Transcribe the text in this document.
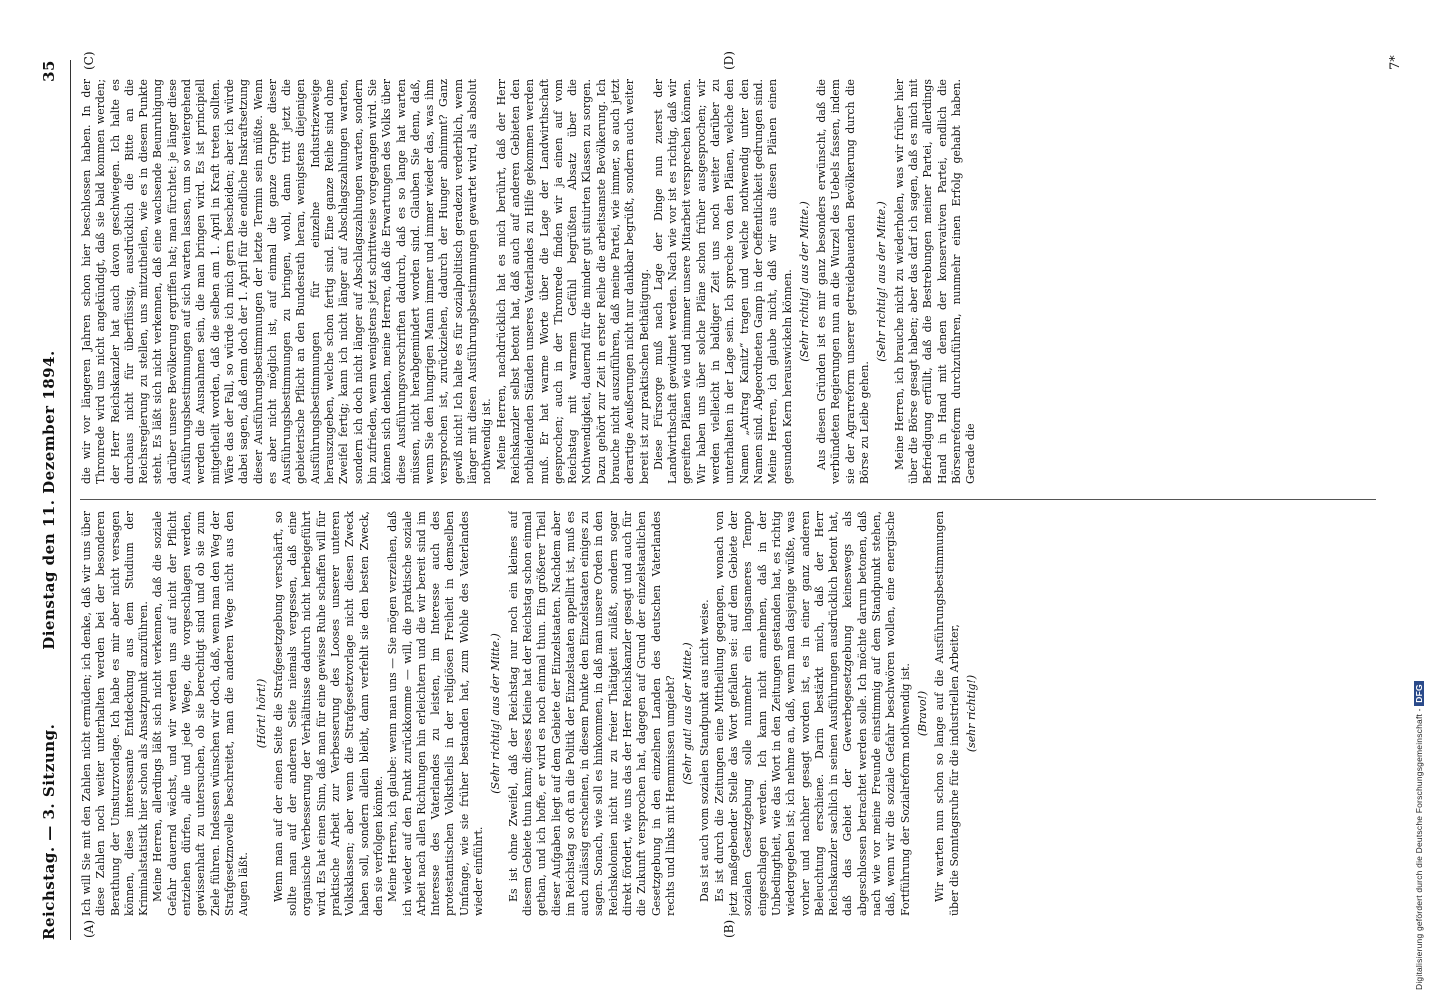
Reichstag. — 3. Sitzung.
Dienstag den 11. Dezember 1894.
35
(A)	(B)
(C)	(D)

Ich will Sie mit den Zahlen nicht ermüden; ich denke, daß wir uns über diese Zahlen noch weiter unterhalten werden bei der besonderen Berathung der Umsturzvorlage. Ich habe es mir aber nicht versagen können, diese interessante Entdeckung aus dem Studium der Kriminalstatistik hier schon als Ansatzpunkt anzuführen. Meine Herren, allerdings läßt sich nicht verkennen, daß die soziale Gefahr dauernd wächst, und wir werden uns auf nicht der Pflicht entziehen dürfen, alle und jede Wege, die vorgeschlagen werden, gewissenhaft zu untersuchen, ob sie berechtigt sind und ob sie zum Ziele führen. Indessen wünschen wir doch, daß, wenn man den Weg der Strafgesetznovelle beschreitet, man die anderen Wege nicht aus den Augen läßt.

(Hört! hört!) Wenn man auf der einen Seite die Strafgesetzgebung verschärft, so sollte man auf der anderen Seite niemals vergessen, daß eine organische Verbesserung der Verhältnisse dadurch nicht herbeigeführt wird. Es hat einen Sinn, daß man für eine gewisse Ruhe schaffen will für praktische Arbeit zur Verbesserung des Looses unserer unteren Volksklassen; aber wenn die Strafgesetzvorlage nicht diesen Zweck haben soll, sondern allein bleibt, dann verfehlt sie den besten Zweck, den sie verfolgen könnte. Meine Herren, ich glaube: wenn man uns — Sie mögen verzeihen, daß ich wieder auf den Punkt zurückkomme — will, die praktische soziale Arbeit nach allen Richtungen hin erleichtern und die wir bereit sind im Interesse des Vaterlandes zu leisten, im Interesse auch des protestantischen Volkstheils in der religiösen Freiheit in demselben Umfange, wie sie früher bestanden hat, zum Wohle des Vaterlandes wieder einführt.

(Sehr richtig! aus der Mitte.) Es ist ohne Zweifel, daß der Reichstag nur noch ein kleines auf diesem Gebiete thun kann; dieses Kleine hat der Reichstag schon einmal gethan, und ich hoffe, er wird es noch einmal thun. Ein größerer Theil dieser Aufgaben liegt auf dem Gebiete der Einzelstaaten. Nachdem aber im Reichstag so oft an die Politik der Einzelstaaten appellirt ist, muß es auch zulässig erscheinen, in diesem Punkte den Einzelstaaten einiges zu sagen. Sonach, wie soll es hinkommen, in daß man unsere Orden in den Reichskolonien nicht nur zu freier Thätigkeit zuläßt, sondern sogar direkt fördert, wie uns das der Herr Reichskanzler gesagt und auch für die Zukunft versprochen hat, dagegen auf Grund der einzelstaatlichen Gesetzgebung in den einzelnen Landen des deutschen Vaterlandes rechts und links mit Hemmnissen umgiebt? (Sehr gut! aus der Mitte.) Das ist auch vom sozialen Standpunkt aus nicht weise. Es ist durch die Zeitungen eine Mittheilung gegangen, wonach von jetzt maßgebender Stelle das Wort gefallen sei: auf dem Gebiete der sozialen Gesetzgebung solle nunmehr ein langsameres Tempo eingeschlagen werden. Ich kann nicht annehmen, daß in der Unbedingtheit, wie das Wort in den Zeitungen gestanden hat, es richtig wiedergegeben ist; ich nehme an, daß, wenn man dasjenige wüßte, was vorher und nachher gesagt worden ist, es in einer ganz anderen Beleuchtung erschiene. Darin bestärkt mich, daß der Herr Reichskanzler sachlich in seinen Ausführungen ausdrücklich betont hat, daß das Gebiet der Gewerbegesetzgebung keineswegs als abgeschlossen betrachtet werden solle. Ich möchte darum betonen, daß nach wie vor meine Freunde einstimmig auf dem Standpunkt stehen, daß, wenn wir die soziale Gefahr beschwören wollen, eine energische Fortführung der Sozialreform nothwendig ist. (Bravo!) Wir warten nun schon so lange auf die Ausführungsbestimmungen über die Sonntagsruhe für die industriellen Arbeiter, (sehr richtig!)

die wir vor längeren Jahren schon hier beschlossen haben. In der Thronrede wird uns nicht angekündigt, daß sie bald kommen werden; der Herr Reichskanzler hat auch davon geschwiegen. Ich halte es durchaus nicht für überflüssig, ausdrücklich die Bitte an die Reichsregierung zu stellen, uns mitzutheilen, wie es in diesem Punkte steht. Es läßt sich nicht verkennen, daß eine wachsende Beunruhigung darüber unsere Bevölkerung ergriffen hat; man fürchtet: je länger diese Ausführungsbestimmungen auf sich warten lassen, um so weitergehend werden die Ausnahmen sein, die man bringen wird. Es ist principiell mitgetheilt worden, daß die selben am 1. April in Kraft treten sollten. Wäre das der Fall, so würde ich mich gern bescheiden; aber ich würde dabei sagen, daß denn doch der 1. April für die endliche Inskraftsetzung dieser Ausführungsbestimmungen der letzte Termin sein müßte. Wenn es aber nicht möglich ist, auf einmal die ganze Gruppe dieser Ausführungsbestimmungen zu bringen, wohl, dann tritt jetzt die gebieterische Pflicht an den Bundesrath heran, wenigstens diejenigen Ausführungsbestimmungen für einzelne Industriezweige herauszugeben, welche schon fertig sind. Eine ganze Reihe sind ohne Zweifel fertig; kann ich nicht länger auf Abschlagszahlungen warten, sondern ich doch nicht länger auf Abschlagszahlungen warten, sondern bin zufrieden, wenn wenigstens jetzt schrittweise vorgegangen wird. Sie können sich denken, meine Herren, daß die Erwartungen des Volks über diese Ausführungsvorschriften dadurch, daß es so lange hat warten müssen, nicht herabgemindert worden sind. Glauben Sie denn, daß, wenn Sie den hungrigen Mann immer und immer wieder das, was ihm versprochen ist, zurückziehen, dadurch der Hunger abnimmt? Ganz gewiß nicht! Ich halte es für sozialpolitisch geradezu verderblich, wenn länger mit diesen Ausführungsbestimmungen gewartet wird, als absolut nothwendig ist. Meine Herren, nachdrücklich hat es mich berührt, daß der Herr Reichskanzler selbst betont hat, daß auch auf anderen Gebieten den nothleidenden Ständen unseres Vaterlandes zu Hilfe gekommen werden muß. Er hat warme Worte über die Lage der Landwirthschaft gesprochen; auch in der Thronrede finden wir ja einen auf vom Reichstag mit warmem Gefühl begrüßten Absatz über die Nothwendigkeit, dauernd für die minder gut situirten Klassen zu sorgen. Dazu gehört zur Zeit in erster Reihe die arbeitsamste Bevölkerung. Ich brauche nicht auszuführen, daß meine Partei, wie immer, so auch jetzt derartige Aeußerungen nicht nur dankbar begrüßt, sondern auch weiter bereit ist zur praktischen Bethätigung. Diese Fürsorge muß nach Lage der Dinge nun zuerst der Landwirthschaft gewidmet werden. Nach wie vor ist es richtig, daß wir gereiften Plänen wie und nimmer unsere Mitarbeit versprechen können. Wir haben uns über solche Pläne schon früher ausgesprochen; wir werden vielleicht in baldiger Zeit uns noch weiter darüber zu unterhalten in der Lage sein. Ich spreche von den Plänen, welche den Namen „Antrag Kanitz“ tragen und welche nothwendig unter den Namen sind. Abgeordneten Gamp in der Oeffentlichkeit gedrungen sind. Meine Herren, ich glaube nicht, daß wir aus diesen Plänen einen gesunden Kern herauswickeln können. (Sehr richtig! aus der Mitte.) Aus diesen Gründen ist es mir ganz besonders erwünscht, daß die verbündeten Regierungen nun an die Wurzel des Uebels fassen, indem sie der Agrarreform unserer getreidebauenden Bevölkerung durch die Börse zu Leibe gehen.

(Sehr richtig! aus der Mitte.) Meine Herren, ich brauche nicht zu wiederholen, was wir früher hier über die Börse gesagt haben; aber das darf ich sagen, daß es mich mit Befriedigung erfüllt, daß die Bestrebungen meiner Partei, allerdings Hand in Hand mit denen der konservativen Partei, endlich die Börsenreform durchzuführen, nunmehr einen Erfolg gehabt haben. Gerade die

7*
Digitalisierung gefördert durch die Deutsche Forschungsgemeinschaft - DFG
